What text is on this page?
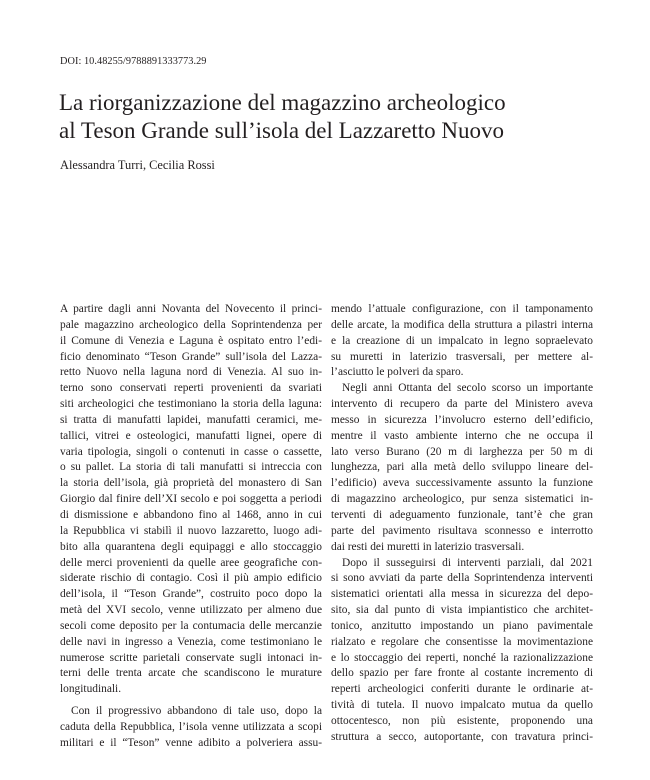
DOI: 10.48255/9788891333773.29
La riorganizzazione del magazzino archeologico
al Teson Grande sull’isola del Lazzaretto Nuovo
Alessandra Turri, Cecilia Rossi
A partire dagli anni Novanta del Novecento il princi-
pale magazzino archeologico della Soprintendenza per
il Comune di Venezia e Laguna è ospitato entro l’edi-
ficio denominato “Teson Grande” sull’isola del Lazza-
retto Nuovo nella laguna nord di Venezia. Al suo in-
terno sono conservati reperti provenienti da svariati
siti archeologici che testimoniano la storia della laguna:
si tratta di manufatti lapidei, manufatti ceramici, me-
tallici, vitrei e osteologici, manufatti lignei, opere di
varia tipologia, singoli o contenuti in casse o cassette,
o su pallet. La storia di tali manufatti si intreccia con
la storia dell’isola, già proprietà del monastero di San
Giorgio dal finire dell’XI secolo e poi soggetta a periodi
di dismissione e abbandono fino al 1468, anno in cui
la Repubblica vi stabilì il nuovo lazzaretto, luogo adi-
bito alla quarantena degli equipaggi e allo stoccaggio
delle merci provenienti da quelle aree geografiche con-
siderate rischio di contagio. Così il più ampio edificio
dell’isola, il “Teson Grande”, costruito poco dopo la
metà del XVI secolo, venne utilizzato per almeno due
secoli come deposito per la contumacia delle mercanzie
delle navi in ingresso a Venezia, come testimoniano le
numerose scritte parietali conservate sugli intonaci in-
terni delle trenta arcate che scandiscono le murature
longitudinali.
Con il progressivo abbandono di tale uso, dopo la
caduta della Repubblica, l’isola venne utilizzata a scopi
militari e il “Teson” venne adibito a polveriera assu-
mendo l’attuale configurazione, con il tamponamento
delle arcate, la modifica della struttura a pilastri interna
e la creazione di un impalcato in legno sopraelevato
su muretti in laterizio trasversali, per mettere al-
l’asciutto le polveri da sparo.
Negli anni Ottanta del secolo scorso un importante
intervento di recupero da parte del Ministero aveva
messo in sicurezza l’involucro esterno dell’edificio,
mentre il vasto ambiente interno che ne occupa il
lato verso Burano (20 m di larghezza per 50 m di
lunghezza, pari alla metà dello sviluppo lineare del-
l’edificio) aveva successivamente assunto la funzione
di magazzino archeologico, pur senza sistematici in-
terventi di adeguamento funzionale, tant’è che gran
parte del pavimento risultava sconnesso e interrotto
dai resti dei muretti in laterizio trasversali.
Dopo il susseguirsi di interventi parziali, dal 2021
si sono avviati da parte della Soprintendenza interventi
sistematici orientati alla messa in sicurezza del depo-
sito, sia dal punto di vista impiantistico che architet-
tonico, anzitutto impostando un piano pavimentale
rialzato e regolare che consentisse la movimentazione
e lo stoccaggio dei reperti, nonché la razionalizzazione
dello spazio per fare fronte al costante incremento di
reperti archeologici conferiti durante le ordinarie at-
tività di tutela. Il nuovo impalcato mutua da quello
ottocentesco, non più esistente, proponendo una
struttura a secco, autoportante, con travatura princi-
